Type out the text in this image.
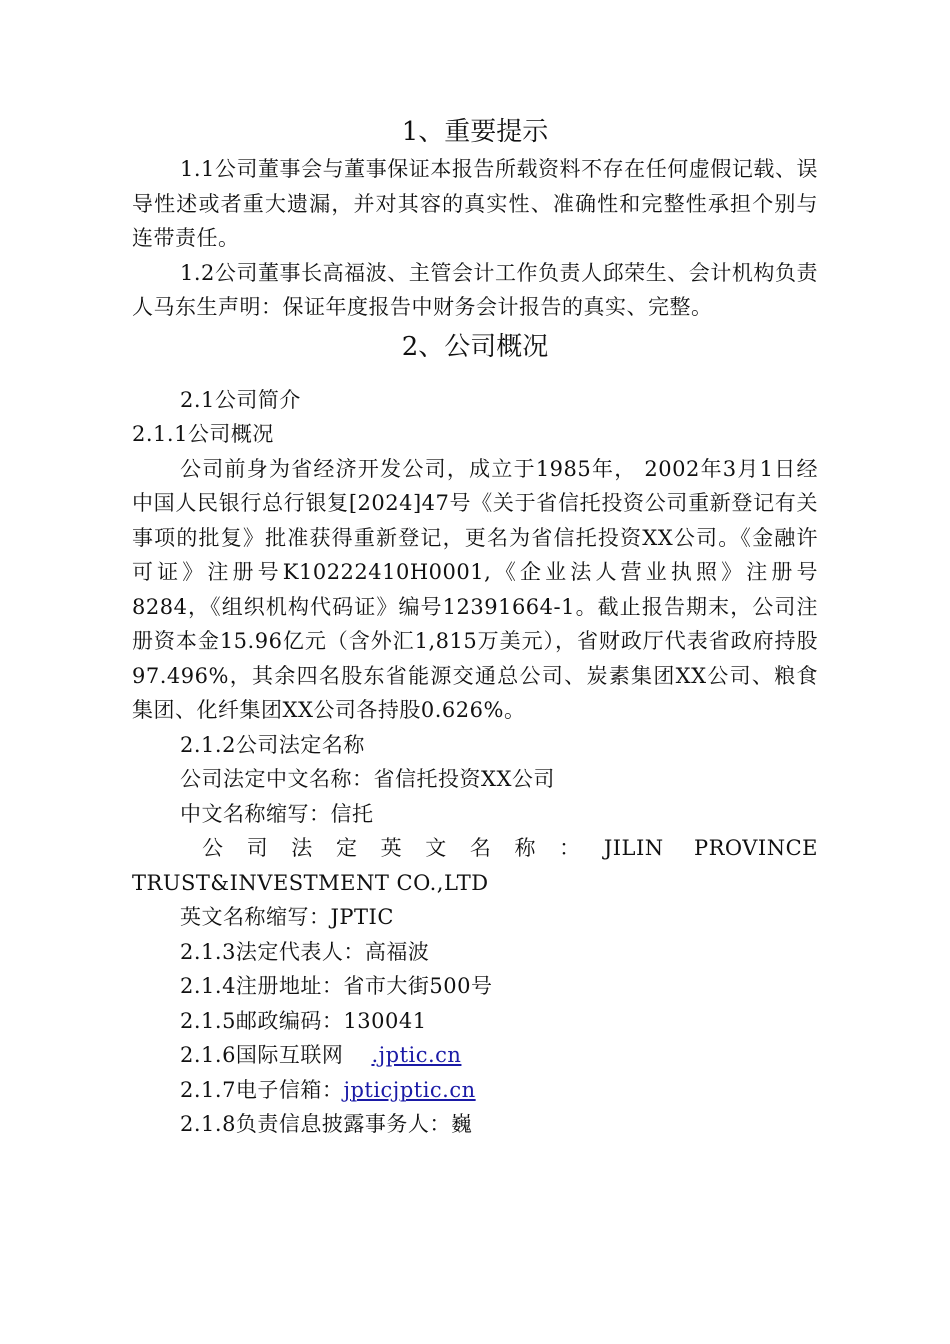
1、重要提示

1.1公司董事会与董事保证本报告所载资料不存在任何虚假记载、误导性述或者重大遗漏，并对其容的真实性、准确性和完整性承担个别与连带责任。

1.2公司董事长高福波、主管会计工作负责人邱荣生、会计机构负责人马东生声明：保证年度报告中财务会计报告的真实、完整。

2、公司概况

2.1公司简介

2.1.1公司概况

公司前身为省经济开发公司，成立于1985年， 2002年3月1日经中国人民银行总行银复[2024]47号《关于省信托投资公司重新登记有关事项的批复》批准获得重新登记，更名为省信托投资XX公司。《金融许可证》注册号K10222410H0001,《企业法人营业执照》注册号8284，《组织机构代码证》编号12391664-1。截止报告期末，公司注册资本金15.96亿元（含外汇1,815万美元），省财政厅代表省政府持股97.496%，其余四名股东省能源交通总公司、炭素集团XX公司、粮食集团、化纤集团XX公司各持股0.626%。

2.1.2公司法定名称

公司法定中文名称：省信托投资XX公司

中文名称缩写：信托

公司法定英文名称：JILIN PROVINCE TRUST&INVESTMENT CO.,LTD

英文名称缩写：JPTIC

2.1.3法定代表人：高福波

2.1.4注册地址：省市大街500号

2.1.5邮政编码：130041

2.1.6国际互联网 .jptic.cn

2.1.7电子信箱：jpticjptic.cn

2.1.8负责信息披露事务人：巍
